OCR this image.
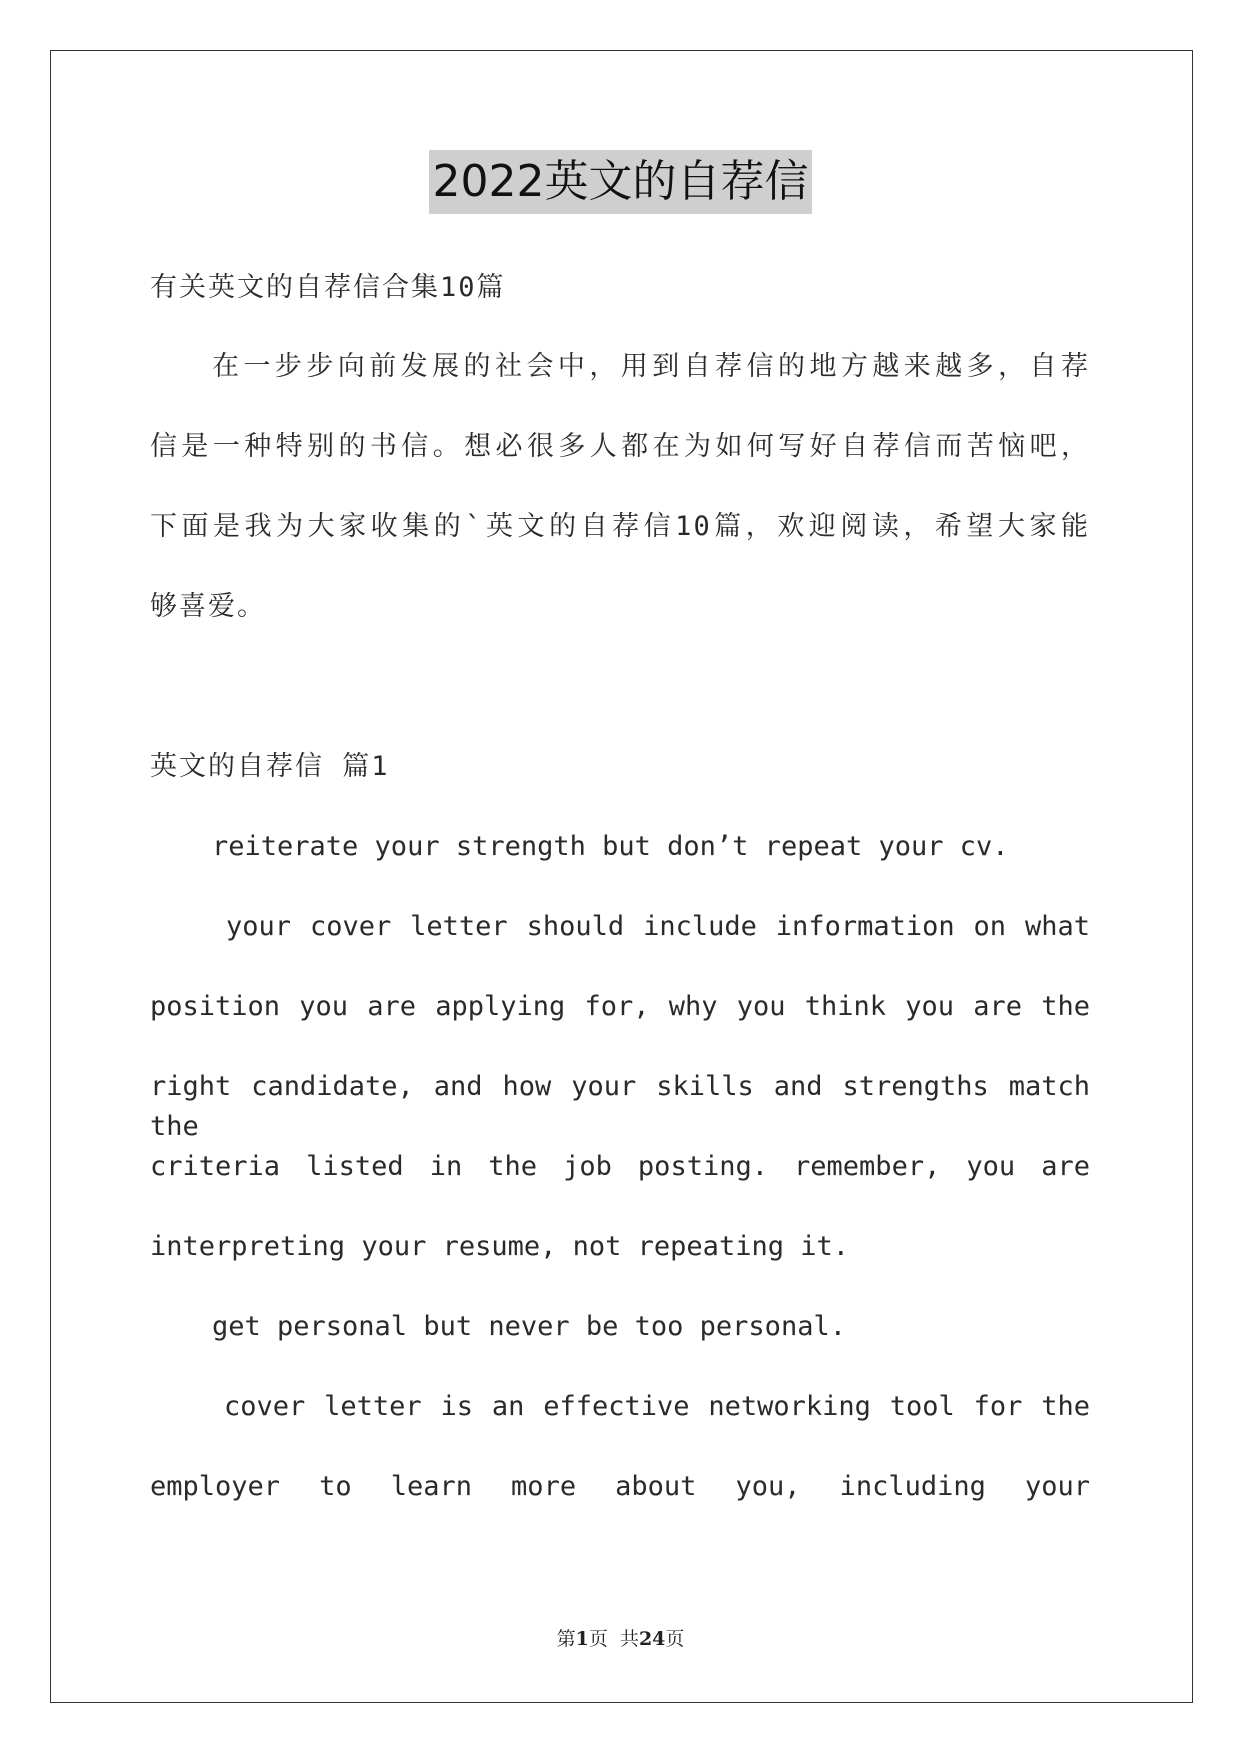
2022英文的自荐信
有关英文的自荐信合集10篇
在一步步向前发展的社会中，用到自荐信的地方越来越多，自荐
信是一种特别的书信。想必很多人都在为如何写好自荐信而苦恼吧，
下面是我为大家收集的`英文的自荐信10篇，欢迎阅读，希望大家能
够喜爱。
英文的自荐信 篇1
reiterate your strength but don’t repeat your cv.
your cover letter should include information on what
position you are applying for, why you think you are the
right candidate, and how your skills and strengths match the
criteria listed in the job posting. remember, you are
interpreting your resume, not repeating it.
get personal but never be too personal.
cover letter is an effective networking tool for the
employer to learn more about you, including your
第1页  共24页
